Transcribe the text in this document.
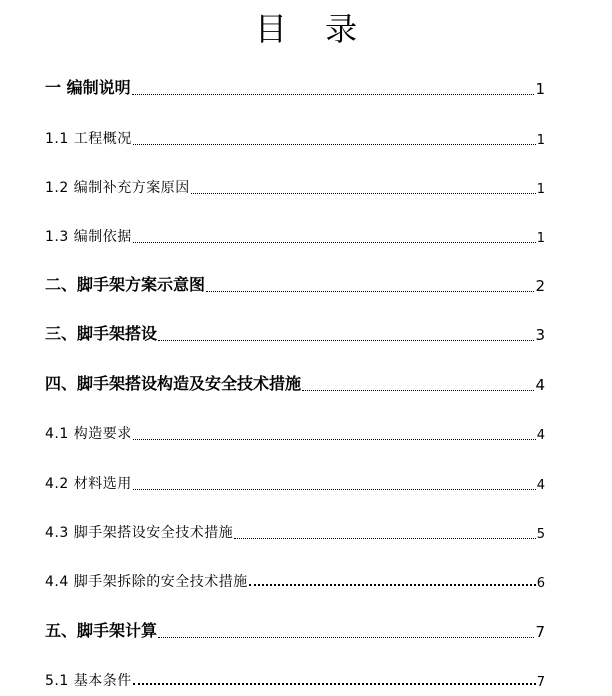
目 录
一 编制说明	1
1.1 工程概况	1
1.2 编制补充方案原因	1
1.3 编制依据	1
二、脚手架方案示意图	2
三、脚手架搭设	3
四、脚手架搭设构造及安全技术措施	4
4.1 构造要求	4
4.2 材料选用	4
4.3 脚手架搭设安全技术措施	5
4.4 脚手架拆除的安全技术措施	6
五、脚手架计算	7
5.1 基本条件	7
